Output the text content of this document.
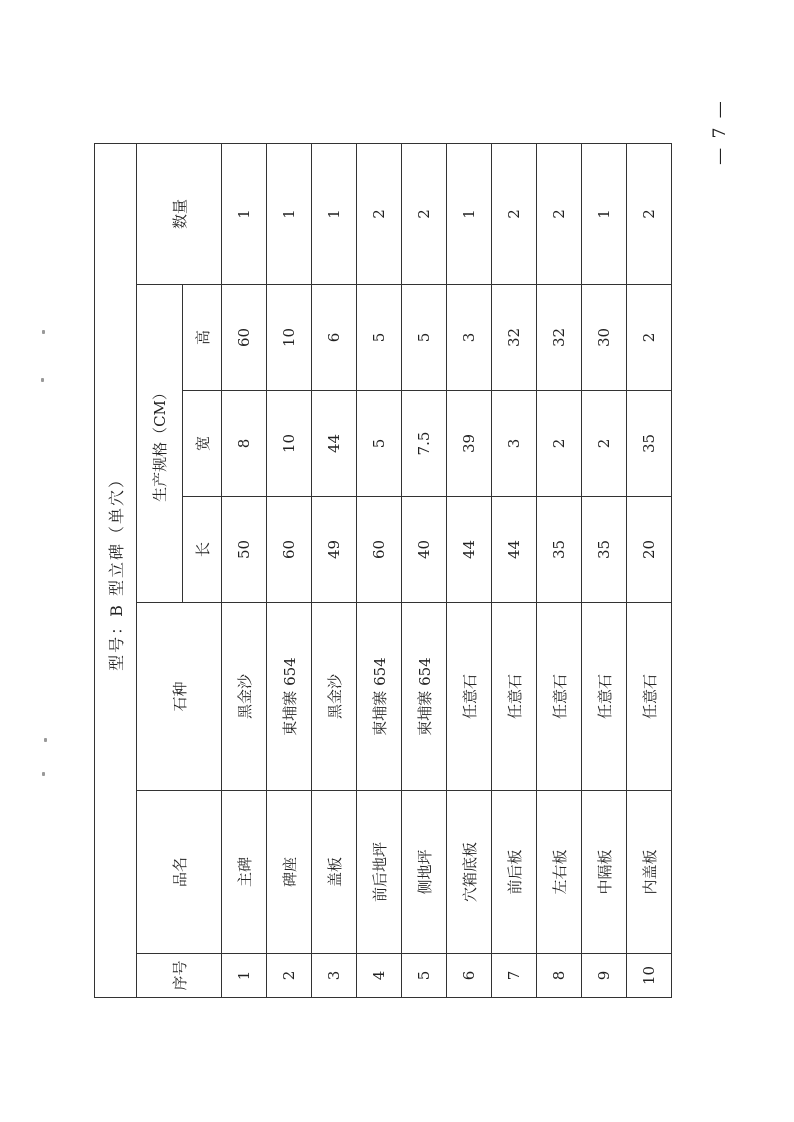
— 7 —
型号：B 型立碑（单穴）						
序号	品名	石种	生产规格（CM）			数量
			长	宽	高	
1	主碑	黑金沙	50	8	60	1
2	碑座	東埔寨 654	60	10	10	1
3	盖板	黑金沙	49	44	6	1
4	前后地坪	柬埔寨 654	60	5	5	2
5	侧地坪	柬埔寨 654	40	7.5	5	2
6	穴箱底板	任意石	44	39	3	1
7	前后板	任意石	44	3	32	2
8	左右板	任意石	35	2	32	2
9	中隔板	任意石	35	2	30	1
10	内盖板	任意石	20	35	2	2
